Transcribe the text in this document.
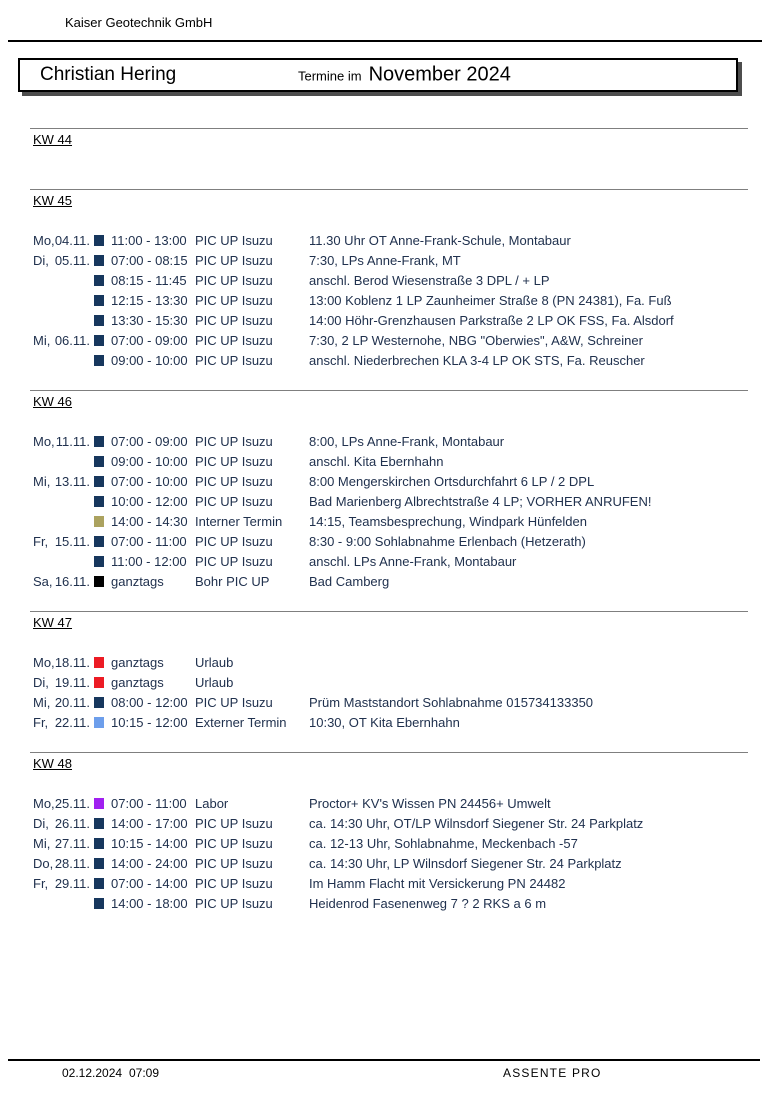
Kaiser Geotechnik GmbH
Christian Hering	Termine im November 2024
KW 44
KW 45
Mo, 04.11. 11:00 - 13:00 PIC UP Isuzu	11.30 Uhr OT Anne-Frank-Schule, Montabaur
Di, 05.11. 07:00 - 08:15 PIC UP Isuzu	7:30, LPs Anne-Frank, MT
08:15 - 11:45 PIC UP Isuzu	anschl. Berod Wiesenstraße 3 DPL / + LP
12:15 - 13:30 PIC UP Isuzu	13:00 Koblenz 1 LP Zaunheimer Straße 8 (PN 24381), Fa. Fuß
13:30 - 15:30 PIC UP Isuzu	14:00 Höhr-Grenzhausen Parkstraße 2 LP OK FSS, Fa. Alsdorf
Mi, 06.11. 07:00 - 09:00 PIC UP Isuzu	7:30, 2 LP Westernohe, NBG "Oberwies", A&W, Schreiner
09:00 - 10:00 PIC UP Isuzu	anschl. Niederbrechen KLA 3-4 LP OK STS, Fa. Reuscher
KW 46
Mo, 11.11. 07:00 - 09:00 PIC UP Isuzu	8:00, LPs Anne-Frank, Montabaur
09:00 - 10:00 PIC UP Isuzu	anschl. Kita Ebernhahn
Mi, 13.11. 07:00 - 10:00 PIC UP Isuzu	8:00 Mengerskirchen Ortsdurchfahrt 6 LP / 2 DPL
10:00 - 12:00 PIC UP Isuzu	Bad Marienberg Albrechtstraße 4 LP; VORHER ANRUFEN!
14:00 - 14:30 Interner Termin	14:15, Teamsbesprechung, Windpark Hünfelden
Fr, 15.11. 07:00 - 11:00 PIC UP Isuzu	8:30 - 9:00 Sohlabnahme Erlenbach (Hetzerath)
11:00 - 12:00 PIC UP Isuzu	anschl. LPs Anne-Frank, Montabaur
Sa, 16.11. ganztags	Bohr PIC UP	Bad Camberg
KW 47
Mo, 18.11. ganztags	Urlaub
Di, 19.11. ganztags	Urlaub
Mi, 20.11. 08:00 - 12:00 PIC UP Isuzu	Prüm Maststandort Sohlabnahme 015734133350
Fr, 22.11. 10:15 - 12:00 Externer Termin	10:30, OT Kita Ebernhahn
KW 48
Mo, 25.11. 07:00 - 11:00 Labor	Proctor+ KV's Wissen PN 24456+ Umwelt
Di, 26.11. 14:00 - 17:00 PIC UP Isuzu	ca. 14:30 Uhr, OT/LP Wilnsdorf Siegener Str. 24 Parkplatz
Mi, 27.11. 10:15 - 14:00 PIC UP Isuzu	ca. 12-13 Uhr, Sohlabnahme, Meckenbach -57
Do, 28.11. 14:00 - 24:00 PIC UP Isuzu	ca. 14:30 Uhr, LP Wilnsdorf Siegener Str. 24 Parkplatz
Fr, 29.11. 07:00 - 14:00 PIC UP Isuzu	Im Hamm Flacht mit Versickerung PN 24482
14:00 - 18:00 PIC UP Isuzu	Heidenrod Fasenenweg 7 ? 2 RKS a 6 m
02.12.2024 07:09	ASSENTE PRO
